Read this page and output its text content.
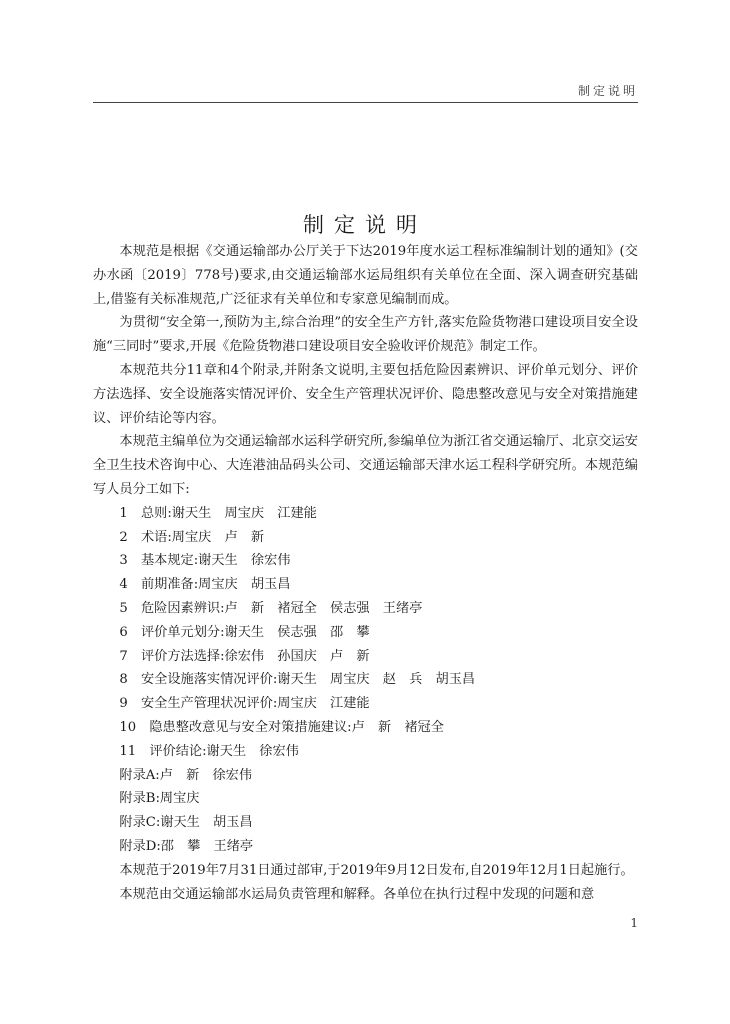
制定说明
制定说明

本规范是根据《交通运输部办公厅关于下达2019年度水运工程标准编制计划的通知》(交办水函〔2019〕778号)要求,由交通运输部水运局组织有关单位在全面、深入调查研究基础上,借鉴有关标准规范,广泛征求有关单位和专家意见编制而成。

为贯彻“安全第一,预防为主,综合治理”的安全生产方针,落实危险货物港口建设项目安全设施“三同时”要求,开展《危险货物港口建设项目安全验收评价规范》制定工作。

本规范共分11章和4个附录,并附条文说明,主要包括危险因素辨识、评价单元划分、评价方法选择、安全设施落实情况评价、安全生产管理状况评价、隐患整改意见与安全对策措施建议、评价结论等内容。

本规范主编单位为交通运输部水运科学研究所,参编单位为浙江省交通运输厅、北京交运安全卫生技术咨询中心、大连港油品码头公司、交通运输部天津水运工程科学研究所。本规范编写人员分工如下:

1　总则:谢天生　周宝庆　江建能
2　术语:周宝庆　卢　新
3　基本规定:谢天生　徐宏伟
4　前期准备:周宝庆　胡玉昌
5　危险因素辨识:卢　新　褚冠全　侯志强　王绪亭
6　评价单元划分:谢天生　侯志强　邵　攀
7　评价方法选择:徐宏伟　孙国庆　卢　新
8　安全设施落实情况评价:谢天生　周宝庆　赵　兵　胡玉昌
9　安全生产管理状况评价:周宝庆　江建能
10　隐患整改意见与安全对策措施建议:卢　新　褚冠全
11　评价结论:谢天生　徐宏伟
附录A:卢　新　徐宏伟
附录B:周宝庆
附录C:谢天生　胡玉昌
附录D:邵　攀　王绪亭

本规范于2019年7月31日通过部审,于2019年9月12日发布,自2019年12月1日起施行。

本规范由交通运输部水运局负责管理和解释。各单位在执行过程中发现的问题和意

1
